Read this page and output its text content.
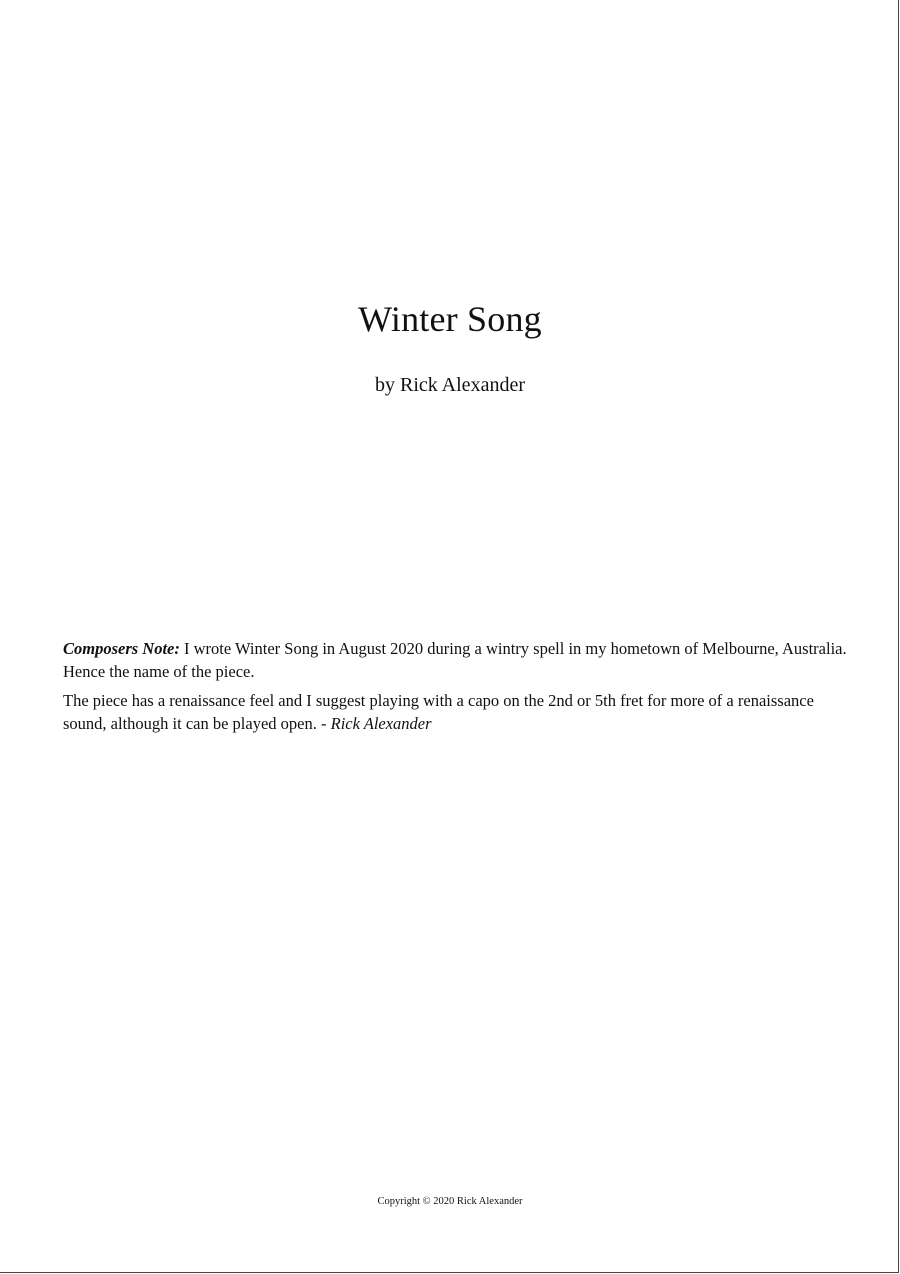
Winter Song
by Rick Alexander

Composers Note: I wrote Winter Song in August 2020 during a wintry spell in my hometown of Melbourne, Australia. Hence the name of the piece.

The piece has a renaissance feel and I suggest playing with a capo on the 2nd or 5th fret for more of a renaissance sound, although it can be played open. - Rick Alexander

Copyright © 2020 Rick Alexander
